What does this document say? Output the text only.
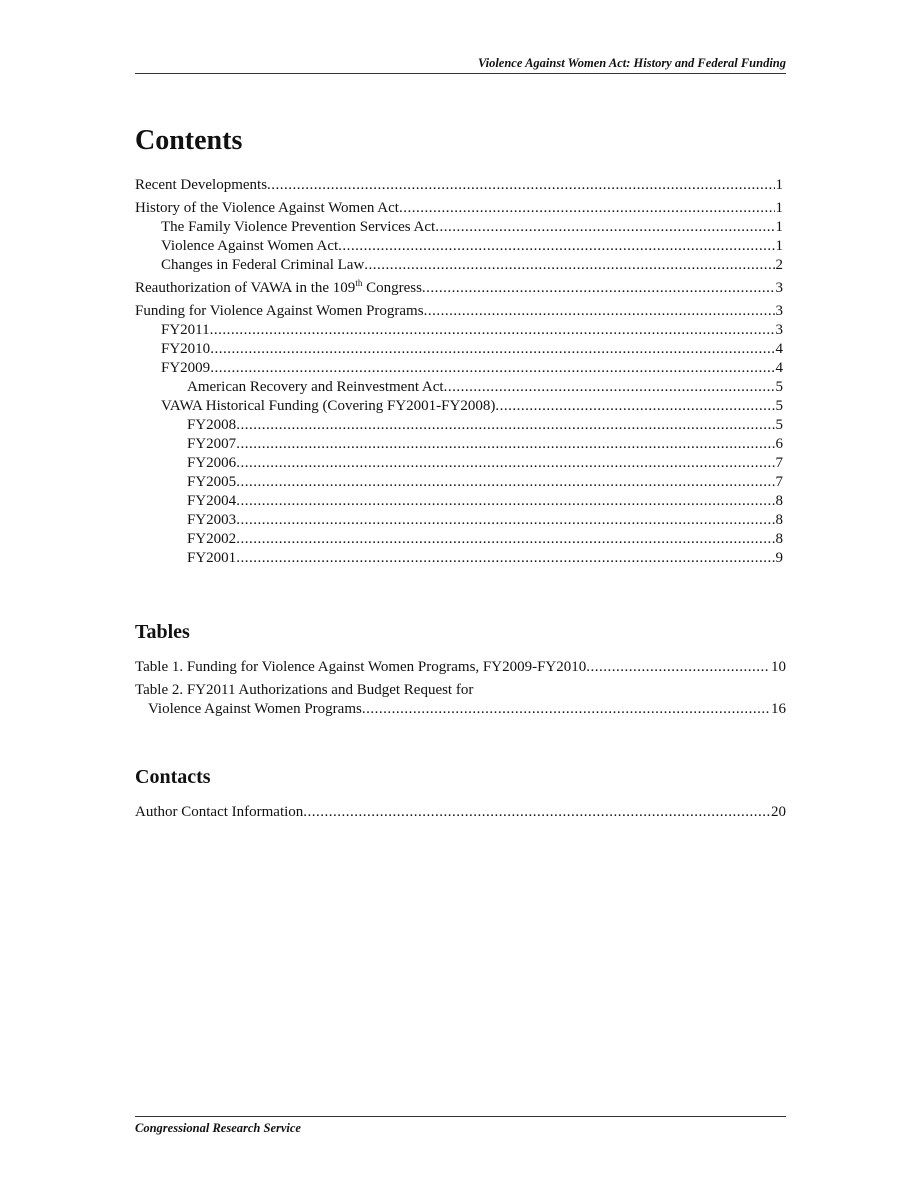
Violence Against Women Act: History and Federal Funding
Contents
Recent Developments .....	1
History of the Violence Against Women Act .....	1
The Family Violence Prevention Services Act .....	1
Violence Against Women Act .....	1
Changes in Federal Criminal Law .....	2
Reauthorization of VAWA in the 109th Congress .....	3
Funding for Violence Against Women Programs .....	3
FY2011 .....	3
FY2010 .....	4
FY2009 .....	4
American Recovery and Reinvestment Act .....	5
VAWA Historical Funding (Covering FY2001-FY2008) .....	5
FY2008 .....	5
FY2007 .....	6
FY2006 .....	7
FY2005 .....	7
FY2004 .....	8
FY2003 .....	8
FY2002 .....	8
FY2001 .....	9
Tables
Table 1. Funding for Violence Against Women Programs, FY2009-FY2010 .....	10
Table 2. FY2011 Authorizations and Budget Request for
Violence Against Women Programs .....	16
Contacts
Author Contact Information .....	20
Congressional Research Service
